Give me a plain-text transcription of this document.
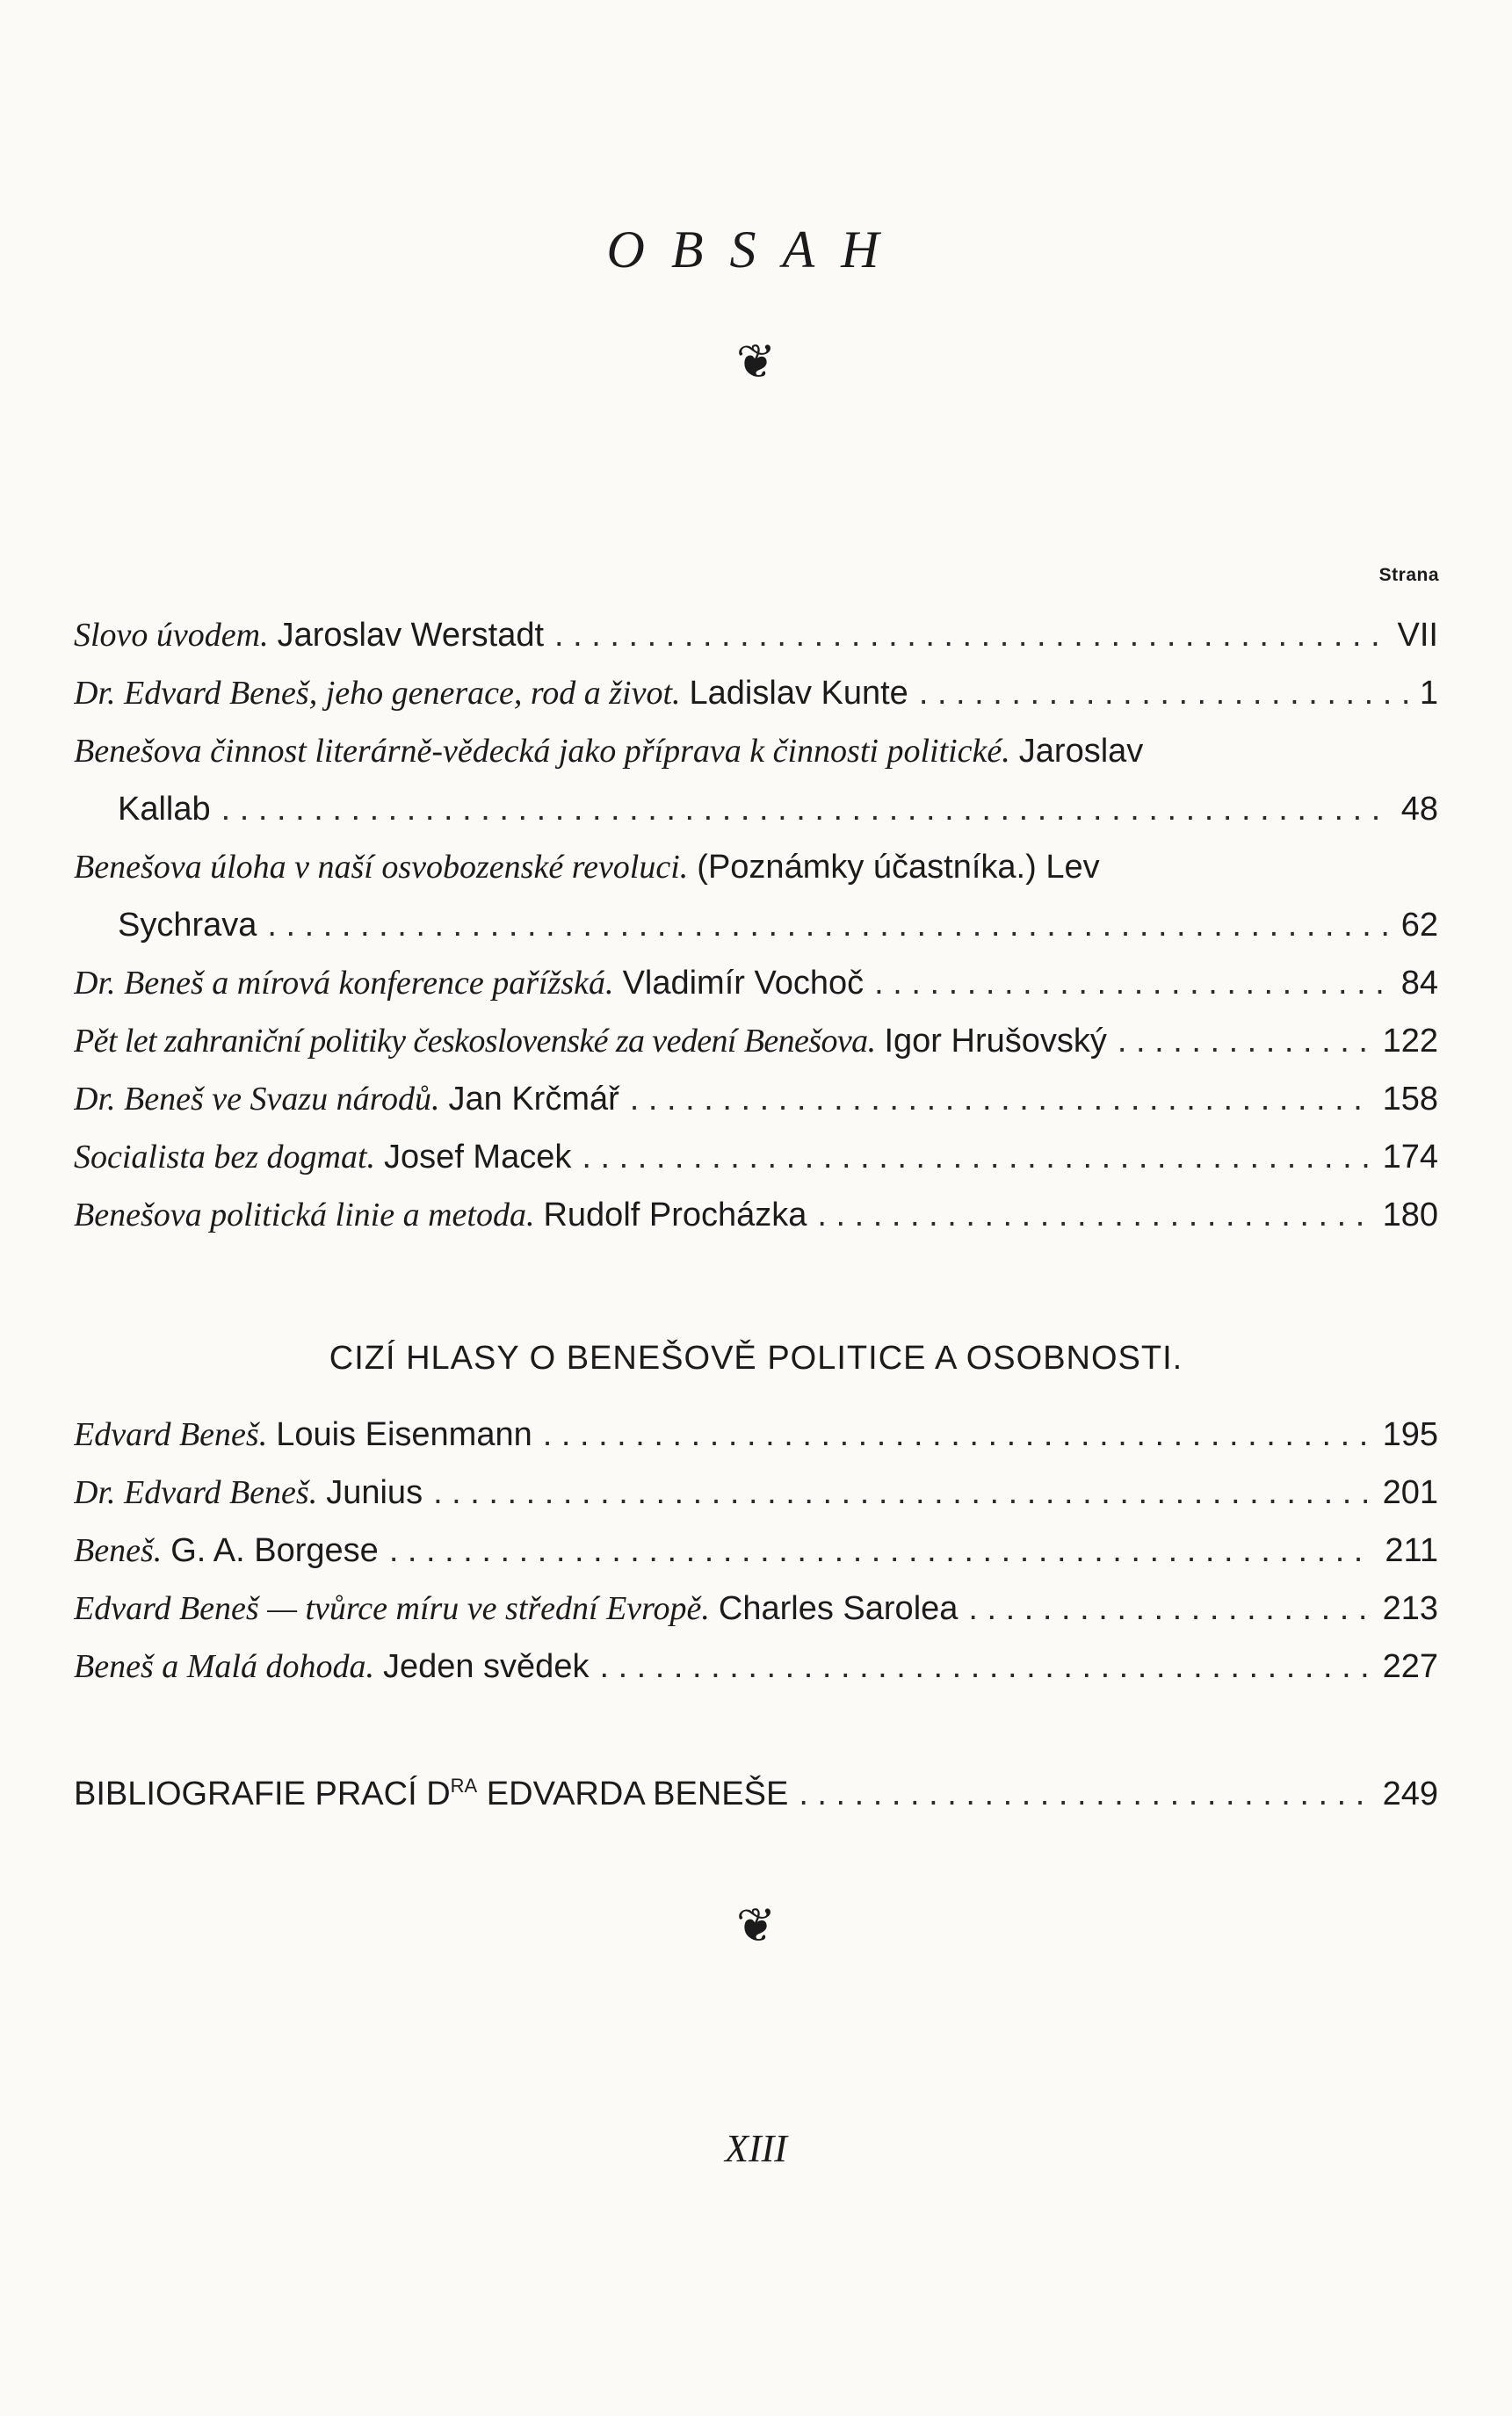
OBSAH
❦
Strana
Slovo úvodem. Jaroslav Werstadt . . .	VII
Dr. Edvard Beneš, jeho generace, rod a život. Ladislav Kunte . . .	1
Benešova činnost literárně-vědecká jako příprava k činnosti politické. Jaroslav
Kallab . . .	48
Benešova úloha v naší osvobozenské revoluci. (Poznámky účastníka.) Lev
Sychrava . . .	62
Dr. Beneš a mírová konference pařížská. Vladimír Vochoč . . .	84
Pět let zahraniční politiky československé za vedení Benešova. Igor Hrušovský . . .	122
Dr. Beneš ve Svazu národů. Jan Krčmář . . .	158
Socialista bez dogmat. Josef Macek . . .	174
Benešova politická linie a metoda. Rudolf Procházka . . .	180
CIZÍ HLASY O BENEŠOVĚ POLITICE A OSOBNOSTI.
Edvard Beneš. Louis Eisenmann . . .	195
Dr. Edvard Beneš. Junius . . .	201
Beneš. G. A. Borgese . . .	211
Edvard Beneš — tvůrce míru ve střední Evropě. Charles Sarolea . . .	213
Beneš a Malá dohoda. Jeden svědek . . .	227
BIBLIOGRAFIE PRACÍ $D^{RA}$ EDVARDA BENEŠE . . .	249
❦
XIII
